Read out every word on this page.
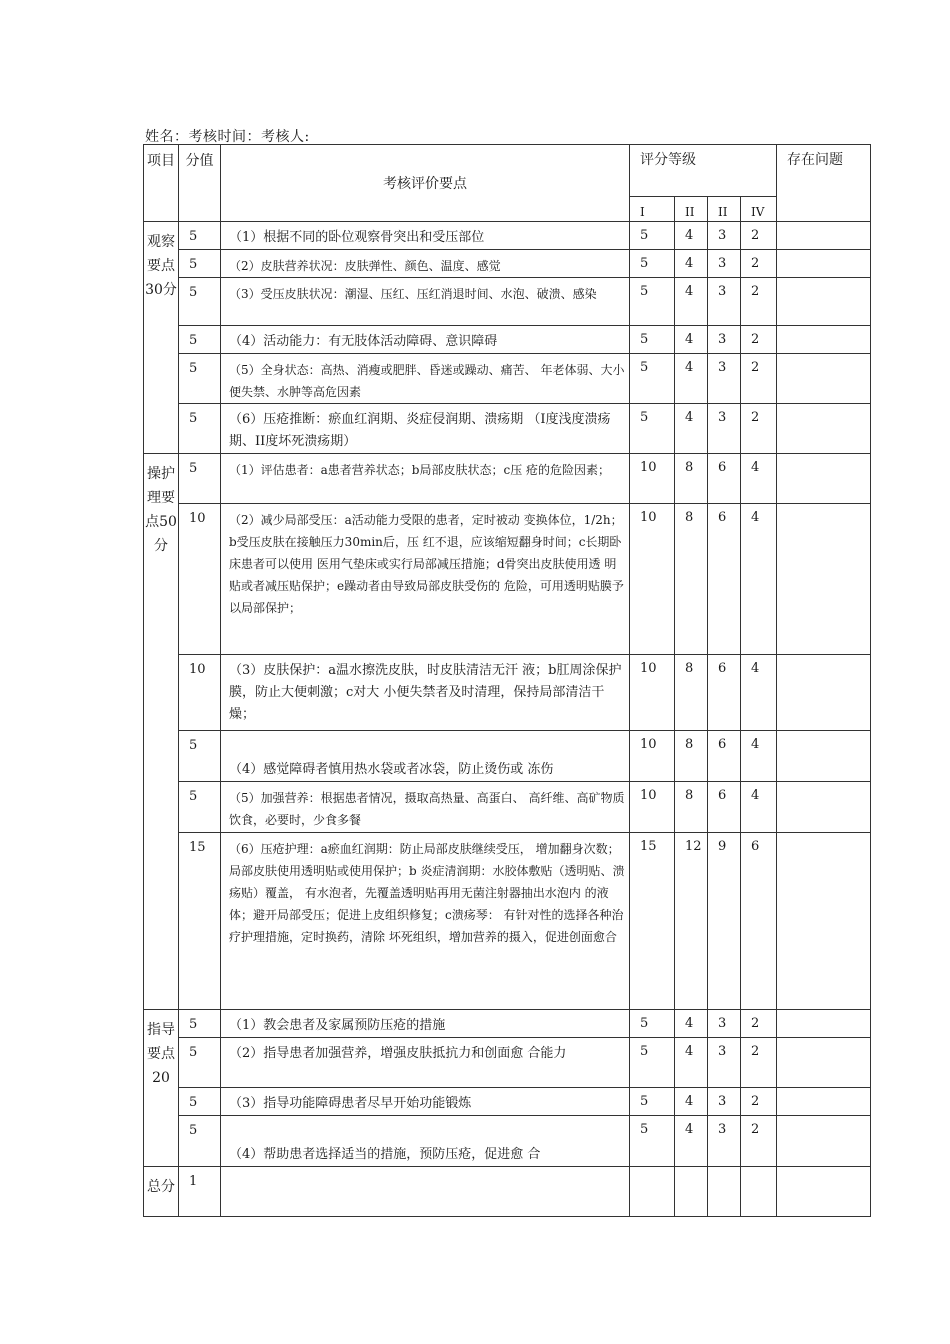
姓名：考核时间：考核人:
项目	分值	考核评价要点	评分等级				存在问题
			I	II	II	IV	
观察要点30分	5	（1）根据不同的卧位观察骨突出和受压部位	5	4	3	2	
	5	（2）皮肤营养状况：皮肤弹性、颜色、温度、感觉	5	4	3	2	
	5	（3）受压皮肤状况：潮湿、压红、压红消退时间、水泡、破溃、感染	5	4	3	2	
	5	（4）活动能力：有无肢体活动障碍、意识障碍	5	4	3	2	
	5	（5）全身状态：高热、消瘦或肥胖、昏迷或躁动、痛苦、 年老体弱、大小便失禁、水肿等高危因素	5	4	3	2	
	5	（6）压疮推断：瘀血红润期、炎症侵润期、溃疡期 （I度浅度溃疡期、II度坏死溃疡期）	5	4	3	2	
操护理要点50分	5	（1）评估患者：a患者营养状态；b局部皮肤状态；c压 疮的危险因素；	10	8	6	4	
	10	（2）减少局部受压：a活动能力受限的患者，定时被动 变换体位，1/2h；b受压皮肤在接触压力30min后，压 红不退，应该缩短翻身时间；c长期卧床患者可以使用 医用气垫床或实行局部减压措施；d骨突出皮肤使用透 明贴或者减压贴保护；e躁动者由导致局部皮肤受伤的 危险，可用透明贴膜予以局部保护；	10	8	6	4	
	10	（3）皮肤保护：a温水擦洗皮肤，时皮肤清洁无汗 液；b肛周涂保护膜，防止大便刺激；c对大 小便失禁者及时清理，保持局部清洁干燥；	10	8	6	4	
	5	（4）感觉障碍者慎用热水袋或者冰袋，防止烫伤或 冻伤	10	8	6	4	
	5	（5）加强营养：根据患者情况，摄取高热量、高蛋白、 高纤维、高矿物质饮食，必要时，少食多餐	10	8	6	4	
	15	（6）压疮护理：a瘀血红润期：防止局部皮肤继续受压， 增加翻身次数；局部皮肤使用透明贴或使用保护；b 炎症清润期：水胶体敷贴（透明贴、溃疡贴）覆盖， 有水泡者，先覆盖透明贴再用无菌注射器抽出水泡内 的液体；避开局部受压；促进上皮组织修复；c溃疡琴： 有针对性的选择各种治疗护理措施，定时换药，清除 坏死组织，增加营养的摄入，促进创面愈合	15	12	9	6	
指导要点20	5	（1）教会患者及家属预防压疮的措施	5	4	3	2	
	5	（2）指导患者加强营养，增强皮肤抵抗力和创面愈 合能力	5	4	3	2	
	5	（3）指导功能障碍患者尽早开始功能锻炼	5	4	3	2	
	5	（4）帮助患者选择适当的措施，预防压疮，促进愈 合	5	4	3	2	
总分	1						
